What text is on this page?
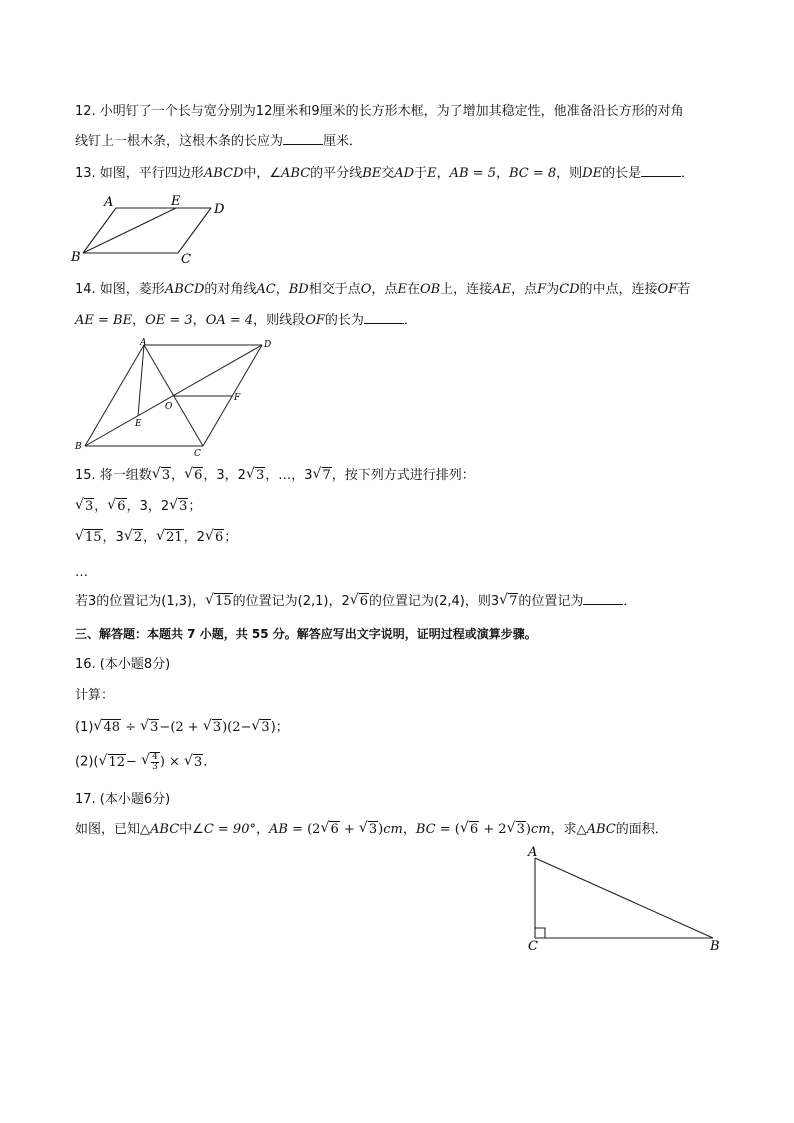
12. 小明钉了一个长与宽分别为12厘米和9厘米的长方形木框，为了增加其稳定性，他准备沿长方形的对角
线钉上一根木条，这根木条的长应为	厘米．
13. 如图，平行四边形ABCD中，∠ABC的平分线BE交AD于E，AB = 5，BC = 8，则DE的长是	．
A	E
D
B	C
14. 如图，菱形ABCD的对角线AC，BD相交于点O，点E在OB上，连接AE，点F为CD的中点，连接OF若
AE = BE，OE = 3，OA = 4，则线段OF的长为	．
A	D
O
F
E
B
C
15. 将一组数 √ 3， √ 6，3，2 √ 3，…，3 √ 7，按下列方式进行排列：
√ 3， √ 6，3，2 √ 3；
√ 15，3 √ 2， √ 21，2 √ 6；
…
若3的位置记为(1,3)， √ 15的位置记为(2,1)，2 √ 6的位置记为(2,4)，则3 √ 7的位置记为	．
三、解答题：本题共 7 小题，共 55 分。解答应写出文字说明，证明过程或演算步骤。
16. (本小题8分)
计算：
(1) √ 48 ÷ √ 3−(2 + √ 3)(2− √ 3)；
(2)( √ 12− √ $\frac{4}{3}$ ) × √ 3．
17. (本小题6分)
如图，已知△ABC中∠C = 90°，AB = (2 √ 6 + √ 3)cm，BC = ( √ 6 + 2 √ 3)cm，求△ABC的面积．
A
C	B
